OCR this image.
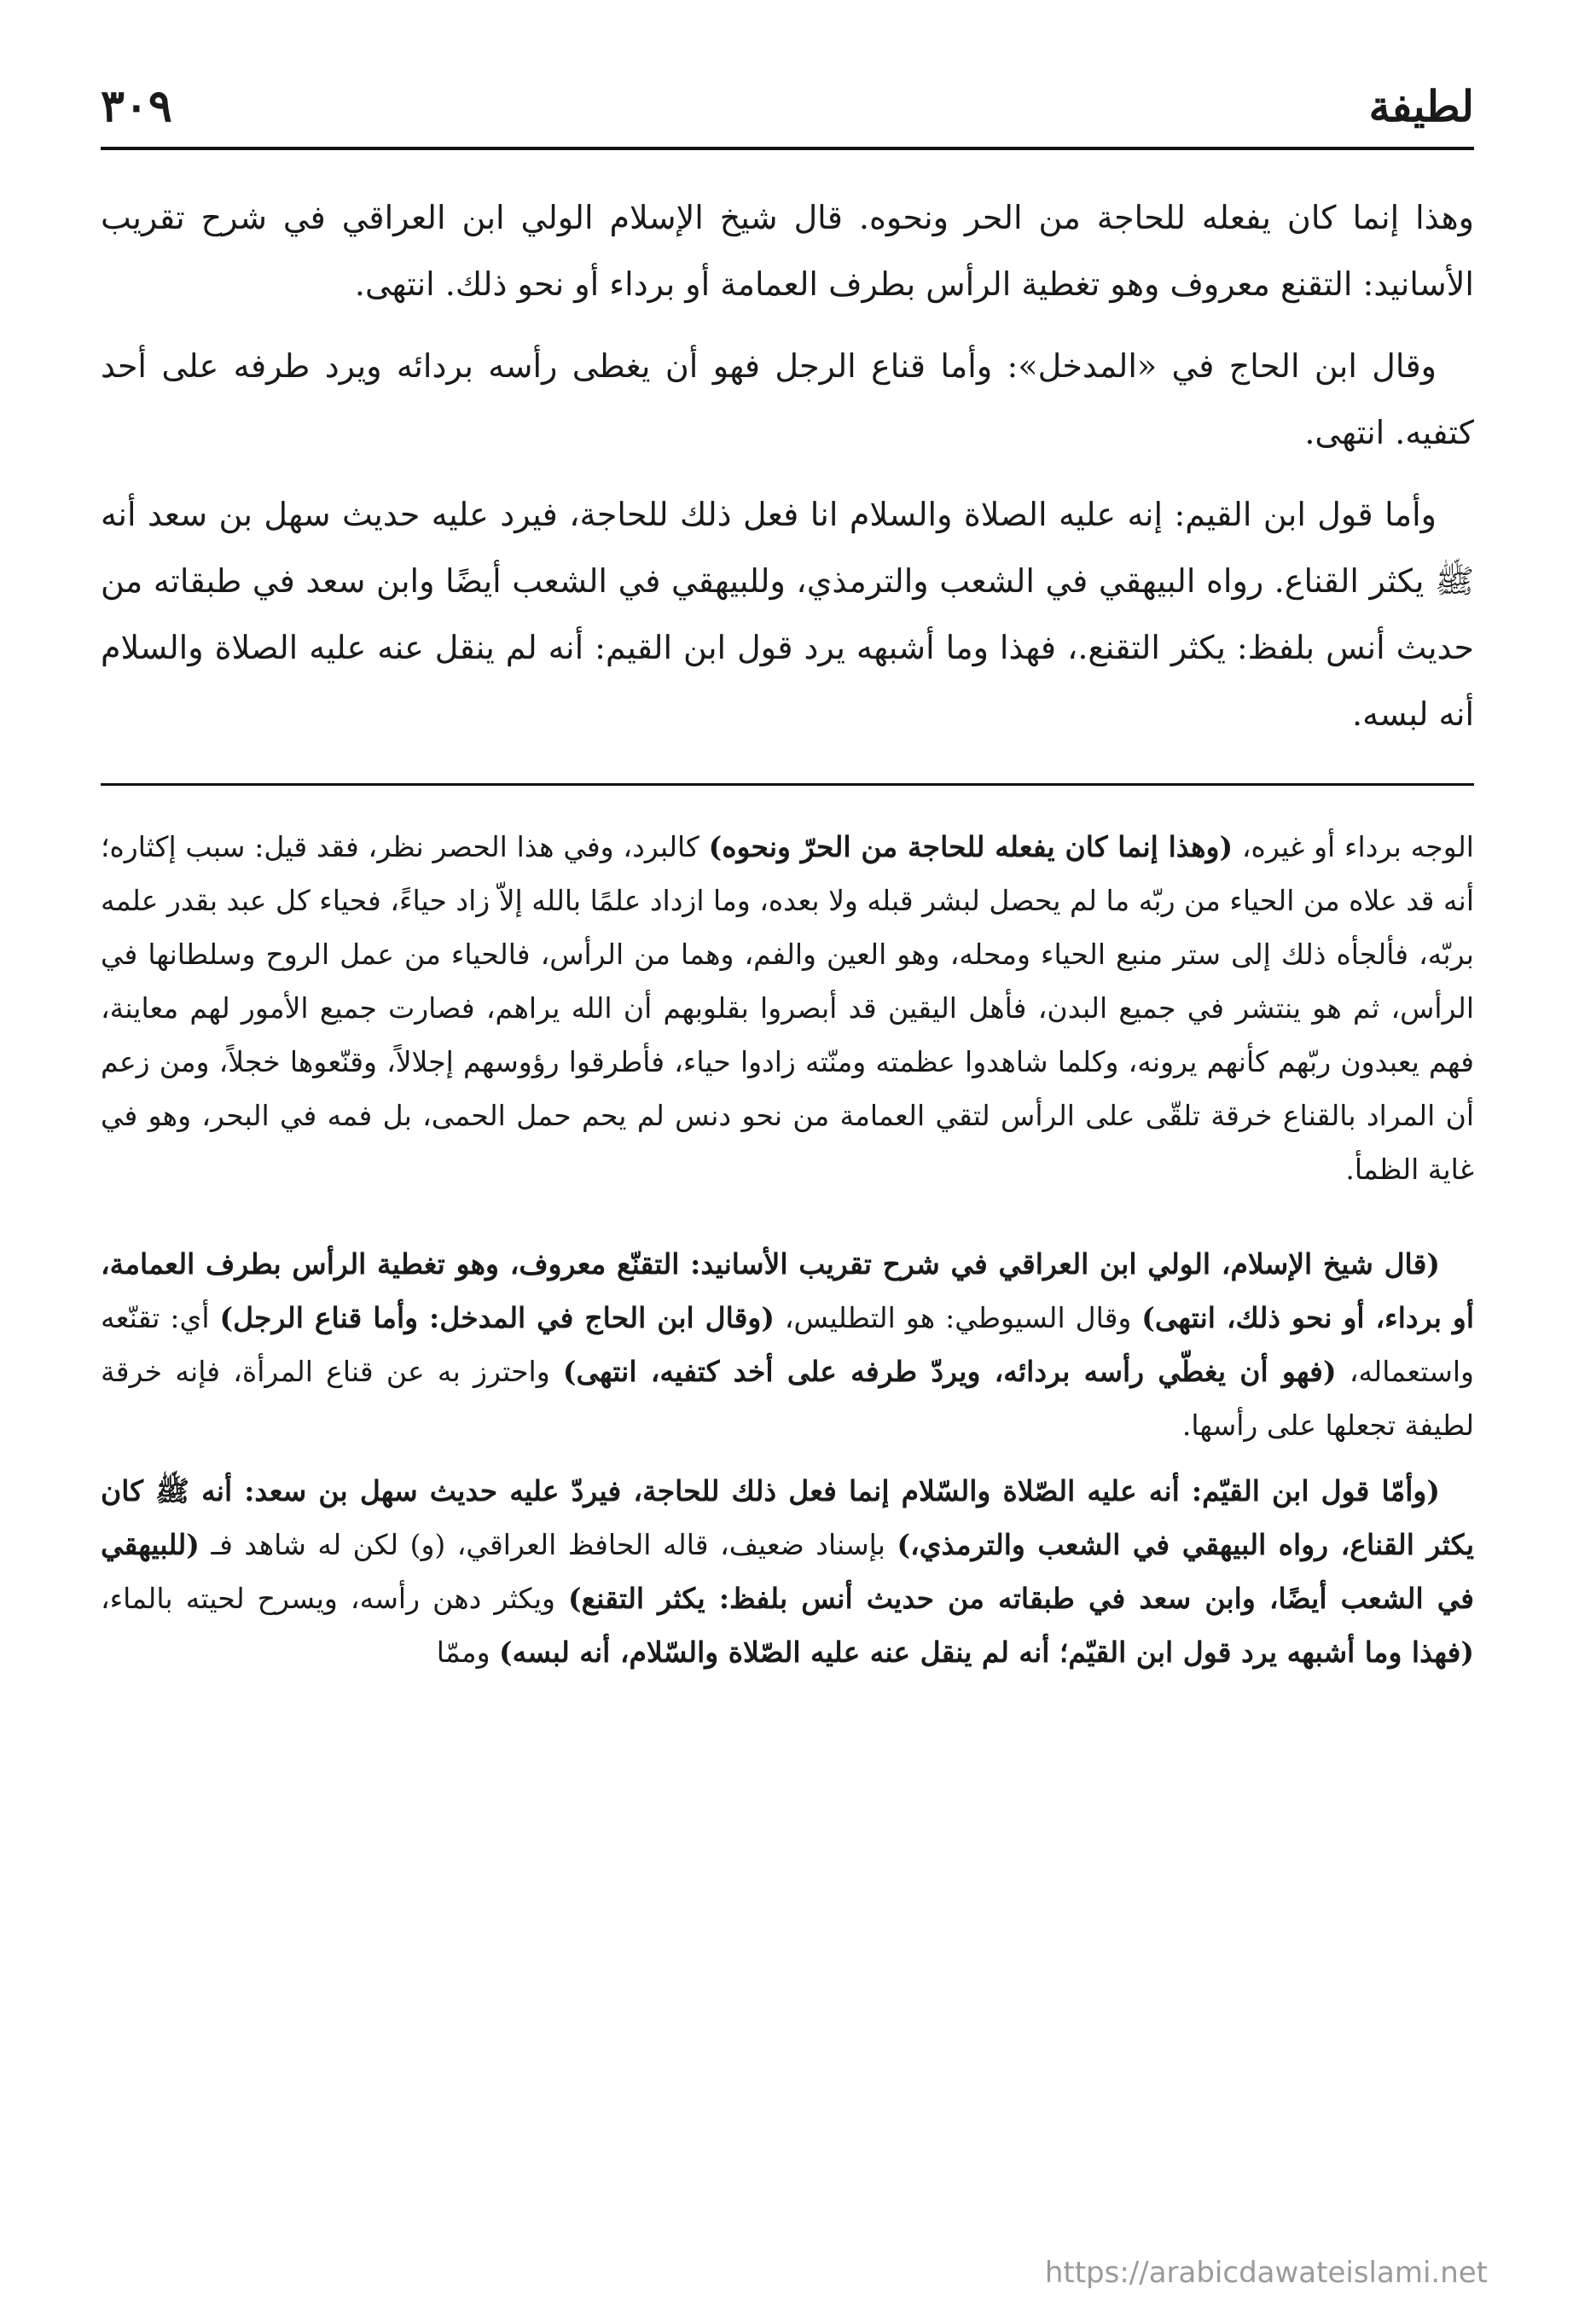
لطيفة
٣٠٩

وهذا إنما كان يفعله للحاجة من الحر ونحوه. قال شيخ الإسلام الولي ابن العراقي في شرح تقريب الأسانيد: التقنع معروف وهو تغطية الرأس بطرف العمامة أو برداء أو نحو ذلك. انتهى.

وقال ابن الحاج في «المدخل»: وأما قناع الرجل فهو أن يغطى رأسه بردائه ويرد طرفه على أحد كتفيه. انتهى.

وأما قول ابن القيم: إنه عليه الصلاة والسلام انا فعل ذلك للحاجة، فيرد عليه حديث سهل بن سعد أنه ﷺ يكثر القناع. رواه البيهقي في الشعب والترمذي، وللبيهقي في الشعب أيضًا وابن سعد في طبقاته من حديث أنس بلفظ: يكثر التقنع.، فهذا وما أشبهه يرد قول ابن القيم: أنه لم ينقل عنه عليه الصلاة والسلام أنه لبسه.

الوجه برداء أو غيره، (وهذا إنما كان يفعله للحاجة من الحرّ ونحوه) كالبرد، وفي هذا الحصر نظر، فقد قيل: سبب إكثاره؛ أنه قد علاه من الحياء من ربّه ما لم يحصل لبشر قبله ولا بعده، وما ازداد علمًا بالله إلاّ زاد حياءً، فحياء كل عبد بقدر علمه بربّه، فألجأه ذلك إلى ستر منبع الحياء ومحله، وهو العين والفم، وهما من الرأس، فالحياء من عمل الروح وسلطانها في الرأس، ثم هو ينتشر في جميع البدن، فأهل اليقين قد أبصروا بقلوبهم أن الله يراهم، فصارت جميع الأمور لهم معاينة، فهم يعبدون ربّهم كأنهم يرونه، وكلما شاهدوا عظمته ومنّته زادوا حياء، فأطرقوا رؤوسهم إجلالاً، وقنّعوها خجلاً، ومن زعم أن المراد بالقناع خرقة تلقّى على الرأس لتقي العمامة من نحو دنس لم يحم حمل الحمى، بل فمه في البحر، وهو في غاية الظمأ.

(قال شيخ الإسلام، الولي ابن العراقي في شرح تقريب الأسانيد: التقنّع معروف، وهو تغطية الرأس بطرف العمامة، أو برداء، أو نحو ذلك، انتهى) وقال السيوطي: هو التطليس، (وقال ابن الحاج في المدخل: وأما قناع الرجل) أي: تقنّعه واستعماله، (فهو أن يغطّي رأسه بردائه، ويردّ طرفه على أخد كتفيه، انتهى) واحترز به عن قناع المرأة، فإنه خرقة لطيفة تجعلها على رأسها.

(وأمّا قول ابن القيّم: أنه عليه الصّلاة والسّلام إنما فعل ذلك للحاجة، فيردّ عليه حديث سهل بن سعد: أنه ﷺ كان يكثر القناع، رواه البيهقي في الشعب والترمذي،) بإسناد ضعيف، قاله الحافظ العراقي، (و) لكن له شاهد فـ (للبيهقي في الشعب أيضًا، وابن سعد في طبقاته من حديث أنس بلفظ: يكثر التقنع) ويكثر دهن رأسه، ويسرح لحيته بالماء، (فهذا وما أشبهه يرد قول ابن القيّم؛ أنه لم ينقل عنه عليه الصّلاة والسّلام، أنه لبسه) وممّا

https://arabicdawateislami.net
